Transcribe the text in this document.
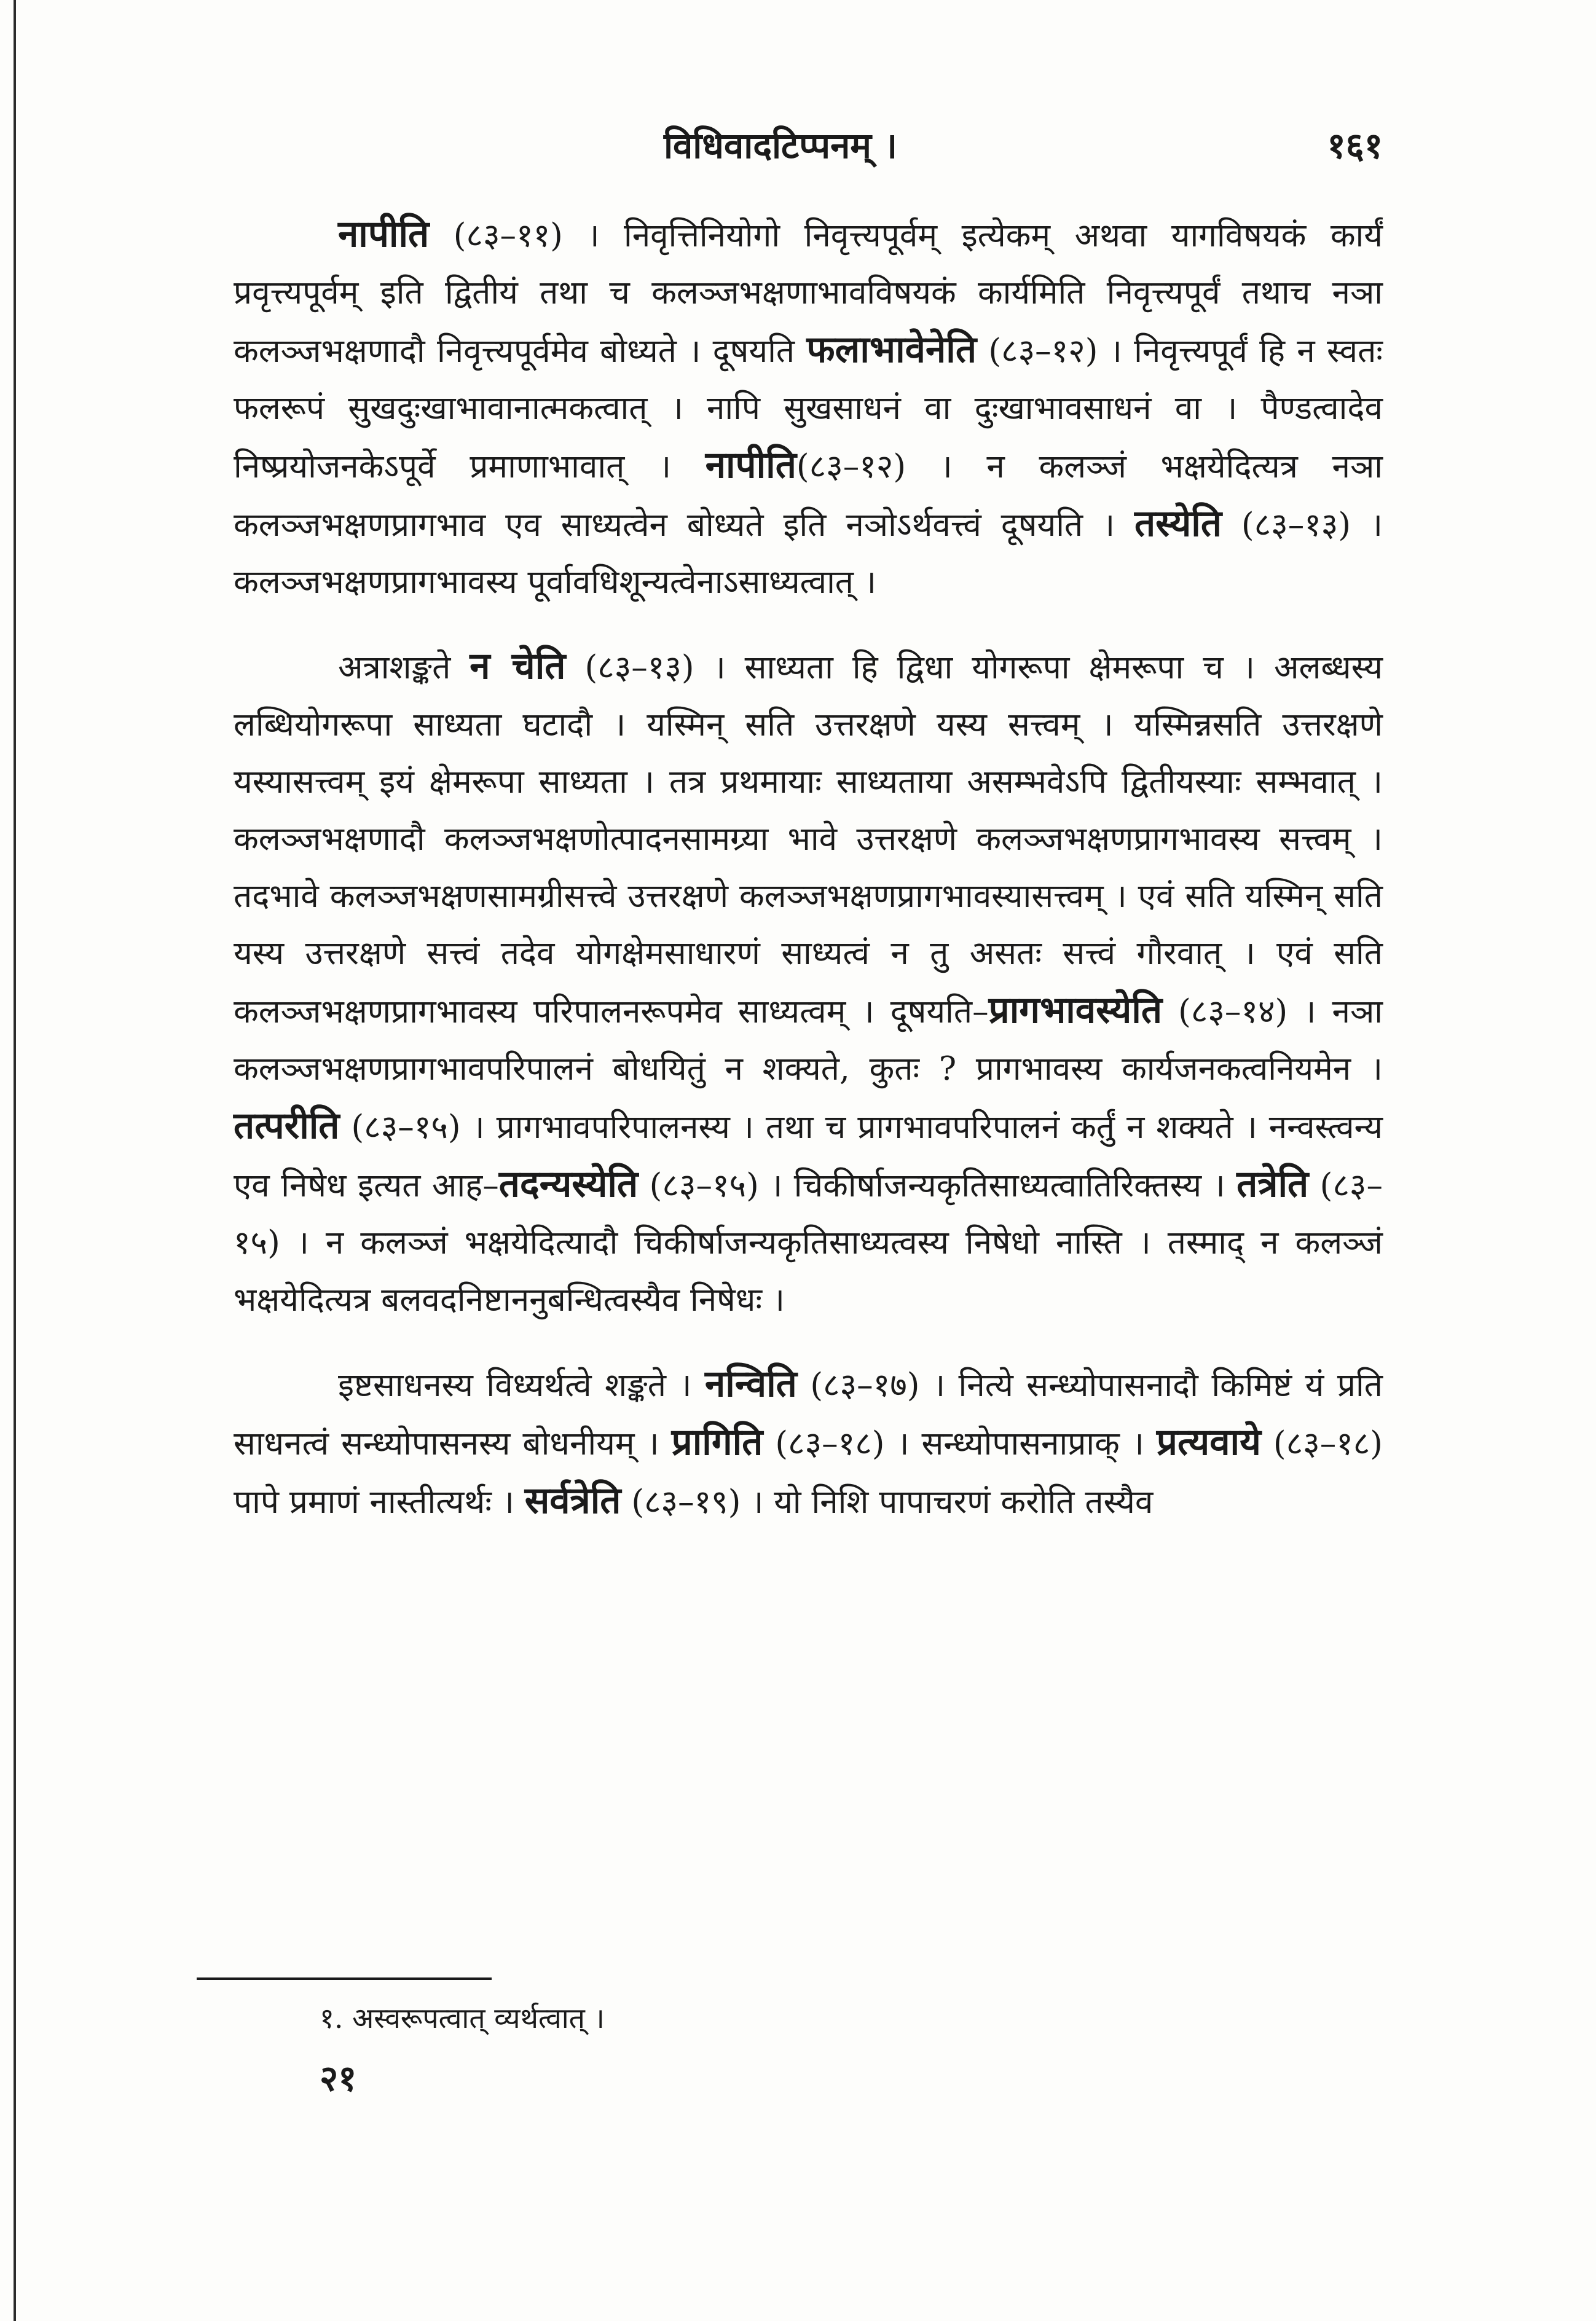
विधिवादटिप्पनम् ।	१६१

नापीति (८३–११) । निवृत्तिनियोगो निवृत्त्यपूर्वम् इत्येकम् अथवा यागविषयकं कार्यं प्रवृत्त्यपूर्वम् इति द्वितीयं तथा च कलञ्जभक्षणाभावविषयकं कार्यमिति निवृत्त्यपूर्वं तथाच नञा कलञ्जभक्षणादौ निवृत्त्यपूर्वमेव बोध्यते । दूषयति फलाभावेनेति (८३–१२) । निवृत्त्यपूर्वं हि न स्वतः फलरूपं सुखदुःखाभावानात्मकत्वात् । नापि सुखसाधनं वा दुःखाभावसाधनं वा । पैण्डत्वादेव निष्प्रयोजनकेऽपूर्वे प्रमाणाभावात् । नापीति(८३–१२) । न कलञ्जं भक्षयेदित्यत्र नञा कलञ्जभक्षणप्रागभाव एव साध्यत्वेन बोध्यते इति नञोऽर्थवत्त्वं दूषयति । तस्येति (८३–१३) । कलञ्जभक्षणप्रागभावस्य पूर्वावधिशून्यत्वेनाऽसाध्यत्वात् ।

अत्राशङ्कते न चेति (८३–१३) । साध्यता हि द्विधा योगरूपा क्षेमरूपा च । अलब्धस्य लब्धियोगरूपा साध्यता घटादौ । यस्मिन् सति उत्तरक्षणे यस्य सत्त्वम् । यस्मिन्नसति उत्तरक्षणे यस्यासत्त्वम् इयं क्षेमरूपा साध्यता । तत्र प्रथमायाः साध्यताया असम्भवेऽपि द्वितीयस्याः सम्भवात् । कलञ्जभक्षणादौ कलञ्जभक्षणोत्पादनसामग्र्या भावे उत्तरक्षणे कलञ्जभक्षणप्रागभावस्य सत्त्वम् । तदभावे कलञ्जभक्षणसामग्रीसत्त्वे उत्तरक्षणे कलञ्जभक्षणप्रागभावस्यासत्त्वम् । एवं सति यस्मिन् सति यस्य उत्तरक्षणे सत्त्वं तदेव योगक्षेमसाधारणं साध्यत्वं न तु असतः सत्त्वं गौरवात् । एवं सति कलञ्जभक्षणप्रागभावस्य परिपालनरूपमेव साध्यत्वम् । दूषयति–प्रागभावस्येति (८३–१४) । नञा कलञ्जभक्षणप्रागभावपरिपालनं बोधयितुं न शक्यते, कुतः ? प्रागभावस्य कार्यजनकत्वनियमेन । तत्परीति (८३–१५) । प्रागभावपरिपालनस्य । तथा च प्रागभावपरिपालनं कर्तुं न शक्यते । नन्वस्त्वन्य एव निषेध इत्यत आह–तदन्यस्येति (८३–१५) । चिकीर्षाजन्यकृतिसाध्यत्वातिरिक्तस्य । तत्रेति (८३–१५) । न कलञ्जं भक्षयेदित्यादौ चिकीर्षाजन्यकृतिसाध्यत्वस्य निषेधो नास्ति । तस्माद् न कलञ्जं भक्षयेदित्यत्र बलवदनिष्टाननुबन्धित्वस्यैव निषेधः ।

इष्टसाधनस्य विध्यर्थत्वे शङ्कते । नन्विति (८३–१७) । नित्ये सन्ध्योपासनादौ किमिष्टं यं प्रति साधनत्वं सन्ध्योपासनस्य बोधनीयम् । प्रागिति (८३–१८) । सन्ध्योपासनाप्राक् । प्रत्यवाये (८३–१८) पापे प्रमाणं नास्तीत्यर्थः । सर्वत्रेति (८३–१९) । यो निशि पापाचरणं करोति तस्यैव

१. अस्वरूपत्वात् व्यर्थत्वात् ।
२१
